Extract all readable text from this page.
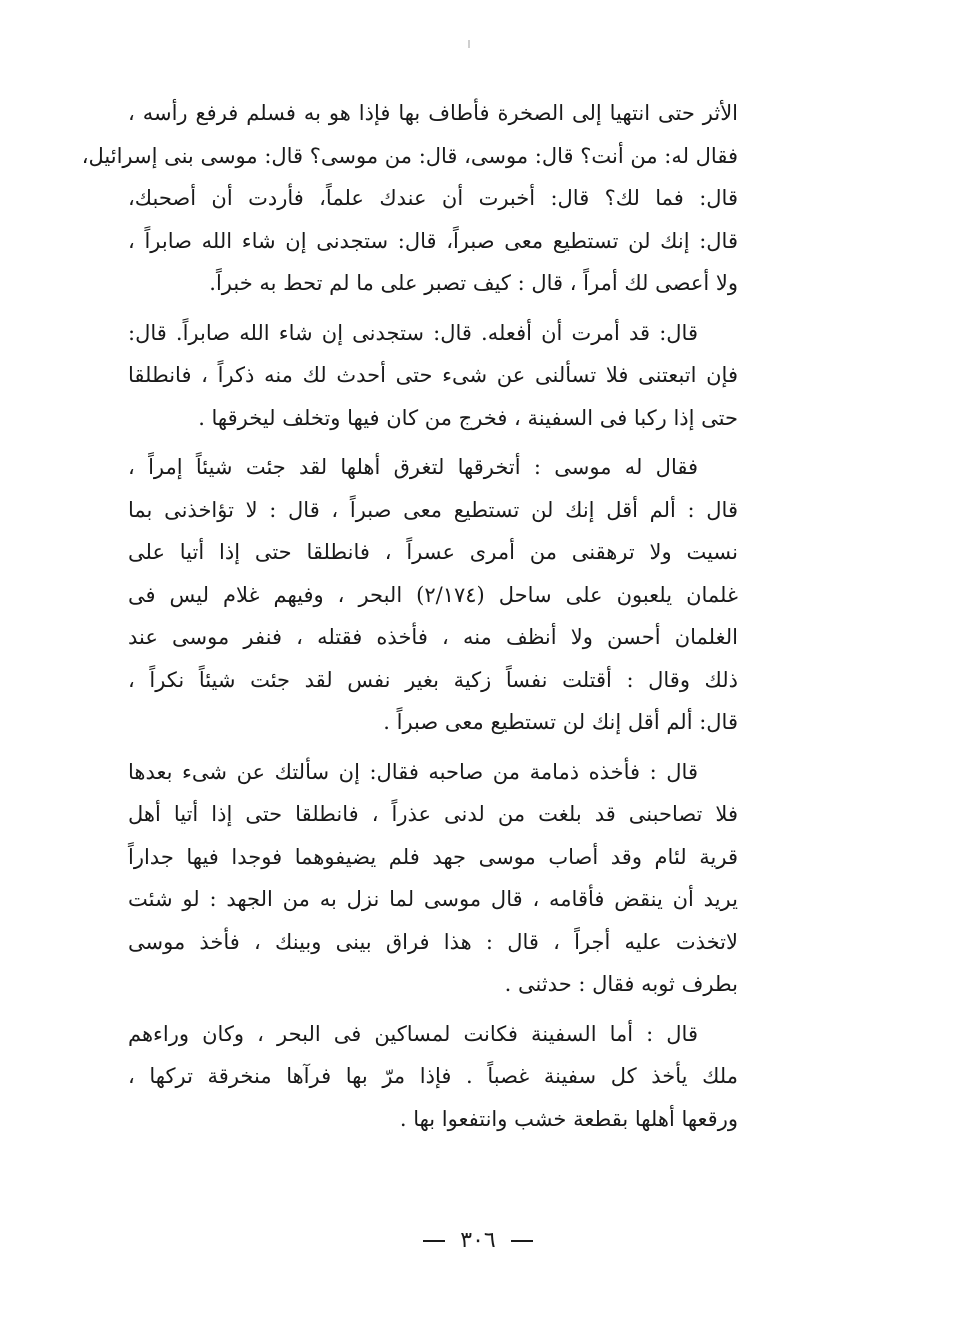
الأثر حتى انتهيا إلى الصخرة فأطاف بها فإذا هو به فسلم فرفع رأسه ،
فقال له: من أنت؟ قال: موسى، قال: من موسى؟ قال: موسى بنى إسرائيل،
قال: فما لك؟ قال: أخبرت أن عندك علماً، فأردت أن أصحبك،
قال: إنك لن تستطيع معى صبراً، قال: ستجدنى إن شاء الله صابراً ،
ولا أعصى لك أمراً ، قال : كيف تصبر على ما لم تحط به خبراً.

قال: قد أمرت أن أفعله. قال: ستجدنى إن شاء الله صابراً. قال:
فإن اتبعتنى فلا تسألنى عن شىء حتى أحدث لك منه ذكراً ، فانطلقا
حتى إذا ركبا فى السفينة ، فخرج من كان فيها وتخلف ليخرقها .

فقال له موسى : أتخرقها لتغرق أهلها لقد جئت شيئاً إمراً ،
قال : ألم أقل إنك لن تستطيع معى صبراً ، قال : لا تؤاخذنى بما
نسيت ولا ترهقنى من أمرى عسراً ، فانطلقا حتى إذا أتيا على
غلمان يلعبون على ساحل (٢/١٧٤) البحر ، وفيهم غلام ليس فى
الغلمان أحسن ولا أنظف منه ، فأخذه فقتله ، فنفر موسى عند
ذلك وقال : أقتلت نفساً زكية بغير نفس لقد جئت شيئاً نكراً ،
قال: ألم أقل إنك لن تستطيع معى صبراً .

قال : فأخذه ذمامة من صاحبه فقال: إن سألتك عن شىء بعدها
فلا تصاحبنى قد بلغت من لدنى عذراً ، فانطلقا حتى إذا أتيا أهل
قرية لئام وقد أصاب موسى جهد فلم يضيفوهما فوجدا فيها جداراً
يريد أن ينقض فأقامه ، قال موسى لما نزل به من الجهد : لو شئت
لاتخذت عليه أجراً ، قال : هذا فراق بينى وبينك ، فأخذ موسى
بطرف ثوبه فقال : حدثنى .

قال : أما السفينة فكانت لمساكين فى البحر ، وكان وراءهم
ملك يأخذ كل سفينة غصباً . فإذا مرّ بها فرآها منخرقة تركها ،
ورقعها أهلها بقطعة خشب وانتفعوا بها .

٣٠٦
